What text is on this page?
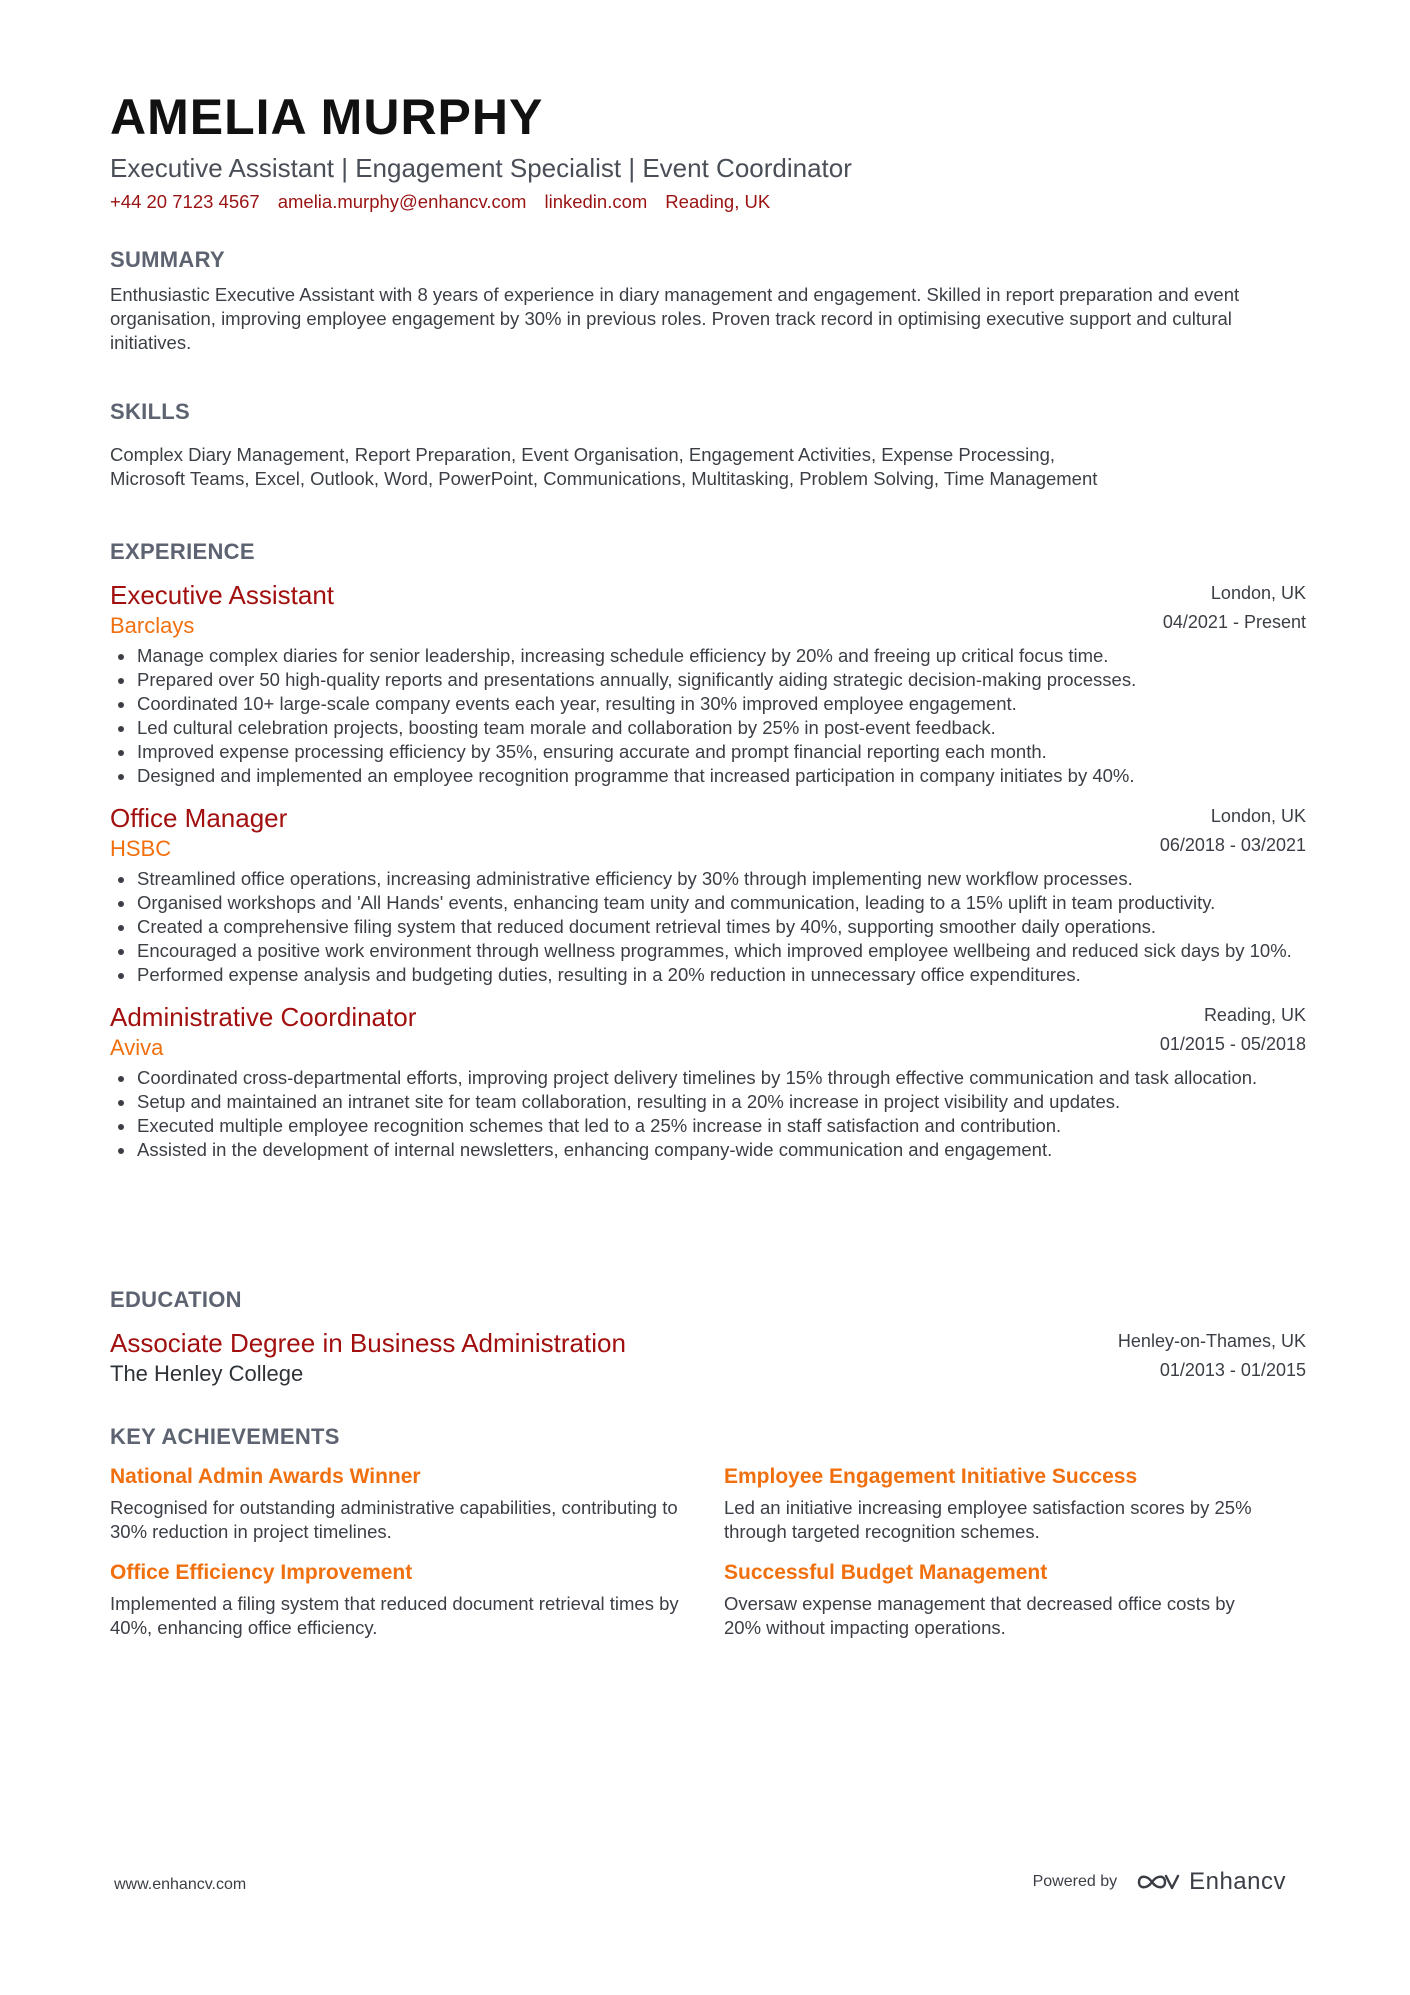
AMELIA MURPHY
Executive Assistant | Engagement Specialist | Event Coordinator
+44 20 7123 4567 amelia.murphy@enhancv.com linkedin.com Reading, UK
SUMMARY

Enthusiastic Executive Assistant with 8 years of experience in diary management and engagement. Skilled in report preparation and event organisation, improving employee engagement by 30% in previous roles. Proven track record in optimising executive support and cultural initiatives.

SKILLS

Complex Diary Management, Report Preparation, Event Organisation, Engagement Activities, Expense Processing,
Microsoft Teams, Excel, Outlook, Word, PowerPoint, Communications, Multitasking, Problem Solving, Time Management

EXPERIENCE
Executive Assistant
Barclays
London, UK
04/2021 - Present
Manage complex diaries for senior leadership, increasing schedule efficiency by 20% and freeing up critical focus time.
Prepared over 50 high-quality reports and presentations annually, significantly aiding strategic decision-making processes.
Coordinated 10+ large-scale company events each year, resulting in 30% improved employee engagement.
Led cultural celebration projects, boosting team morale and collaboration by 25% in post-event feedback.
Improved expense processing efficiency by 35%, ensuring accurate and prompt financial reporting each month.
Designed and implemented an employee recognition programme that increased participation in company initiates by 40%.
Office Manager
HSBC
London, UK
06/2018 - 03/2021
Streamlined office operations, increasing administrative efficiency by 30% through implementing new workflow processes.
Organised workshops and 'All Hands' events, enhancing team unity and communication, leading to a 15% uplift in team productivity.
Created a comprehensive filing system that reduced document retrieval times by 40%, supporting smoother daily operations.
Encouraged a positive work environment through wellness programmes, which improved employee wellbeing and reduced sick days by 10%.
Performed expense analysis and budgeting duties, resulting in a 20% reduction in unnecessary office expenditures.
Administrative Coordinator
Aviva
Reading, UK
01/2015 - 05/2018
Coordinated cross-departmental efforts, improving project delivery timelines by 15% through effective communication and task allocation.
Setup and maintained an intranet site for team collaboration, resulting in a 20% increase in project visibility and updates.
Executed multiple employee recognition schemes that led to a 25% increase in staff satisfaction and contribution.
Assisted in the development of internal newsletters, enhancing company-wide communication and engagement.
EDUCATION
Associate Degree in Business Administration
The Henley College
Henley-on-Thames, UK
01/2013 - 01/2015
KEY ACHIEVEMENTS
National Admin Awards Winner
Recognised for outstanding administrative capabilities, contributing to 30% reduction in project timelines.
Employee Engagement Initiative Success
Led an initiative increasing employee satisfaction scores by 25% through targeted recognition schemes.
Office Efficiency Improvement
Implemented a filing system that reduced document retrieval times by 40%, enhancing office efficiency.
Successful Budget Management
Oversaw expense management that decreased office costs by 20% without impacting operations.
www.enhancv.com	Powered by	Enhancv
